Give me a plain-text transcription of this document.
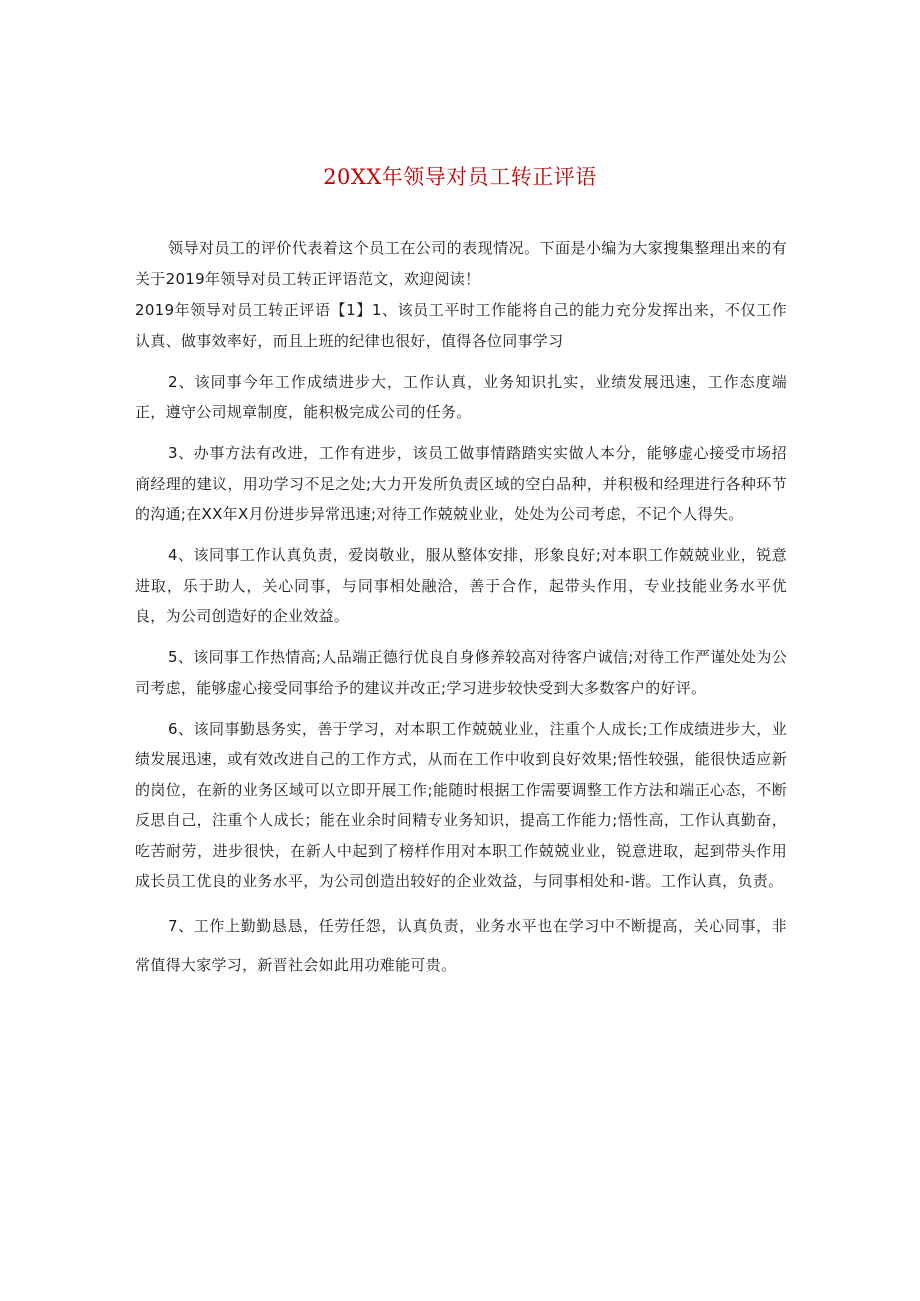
20XX年领导对员工转正评语

领导对员工的评价代表着这个员工在公司的表现情况。下面是小编为大家搜集整理出来的有关于2019年领导对员工转正评语范文，欢迎阅读！

2019年领导对员工转正评语【1】1、该员工平时工作能将自己的能力充分发挥出来，不仅工作认真、做事效率好，而且上班的纪律也很好，值得各位同事学习

2、该同事今年工作成绩进步大，工作认真，业务知识扎实，业绩发展迅速，工作态度端正，遵守公司规章制度，能积极完成公司的任务。

3、办事方法有改进，工作有进步，该员工做事情踏踏实实做人本分，能够虚心接受市场招商经理的建议，用功学习不足之处;大力开发所负责区域的空白品种，并积极和经理进行各种环节的沟通;在XX年X月份进步异常迅速;对待工作兢兢业业，处处为公司考虑，不记个人得失。

4、该同事工作认真负责，爱岗敬业，服从整体安排，形象良好;对本职工作兢兢业业，锐意进取，乐于助人，关心同事，与同事相处融洽，善于合作，起带头作用，专业技能业务水平优良，为公司创造好的企业效益。

5、该同事工作热情高;人品端正德行优良自身修养较高对待客户诚信;对待工作严谨处处为公司考虑，能够虚心接受同事给予的建议并改正;学习进步较快受到大多数客户的好评。

6、该同事勤恳务实，善于学习，对本职工作兢兢业业，注重个人成长;工作成绩进步大，业绩发展迅速，或有效改进自己的工作方式，从而在工作中收到良好效果;悟性较强，能很快适应新的岗位，在新的业务区域可以立即开展工作;能随时根据工作需要调整工作方法和端正心态，不断反思自己，注重个人成长；能在业余时间精专业务知识，提高工作能力;悟性高，工作认真勤奋，吃苦耐劳，进步很快，在新人中起到了榜样作用对本职工作兢兢业业，锐意进取，起到带头作用成长员工优良的业务水平，为公司创造出较好的企业效益，与同事相处和-谐。工作认真，负责。

7、工作上勤勤恳恳，任劳任怨，认真负责，业务水平也在学习中不断提高，关心同事，非常值得大家学习，新晋社会如此用功难能可贵。
